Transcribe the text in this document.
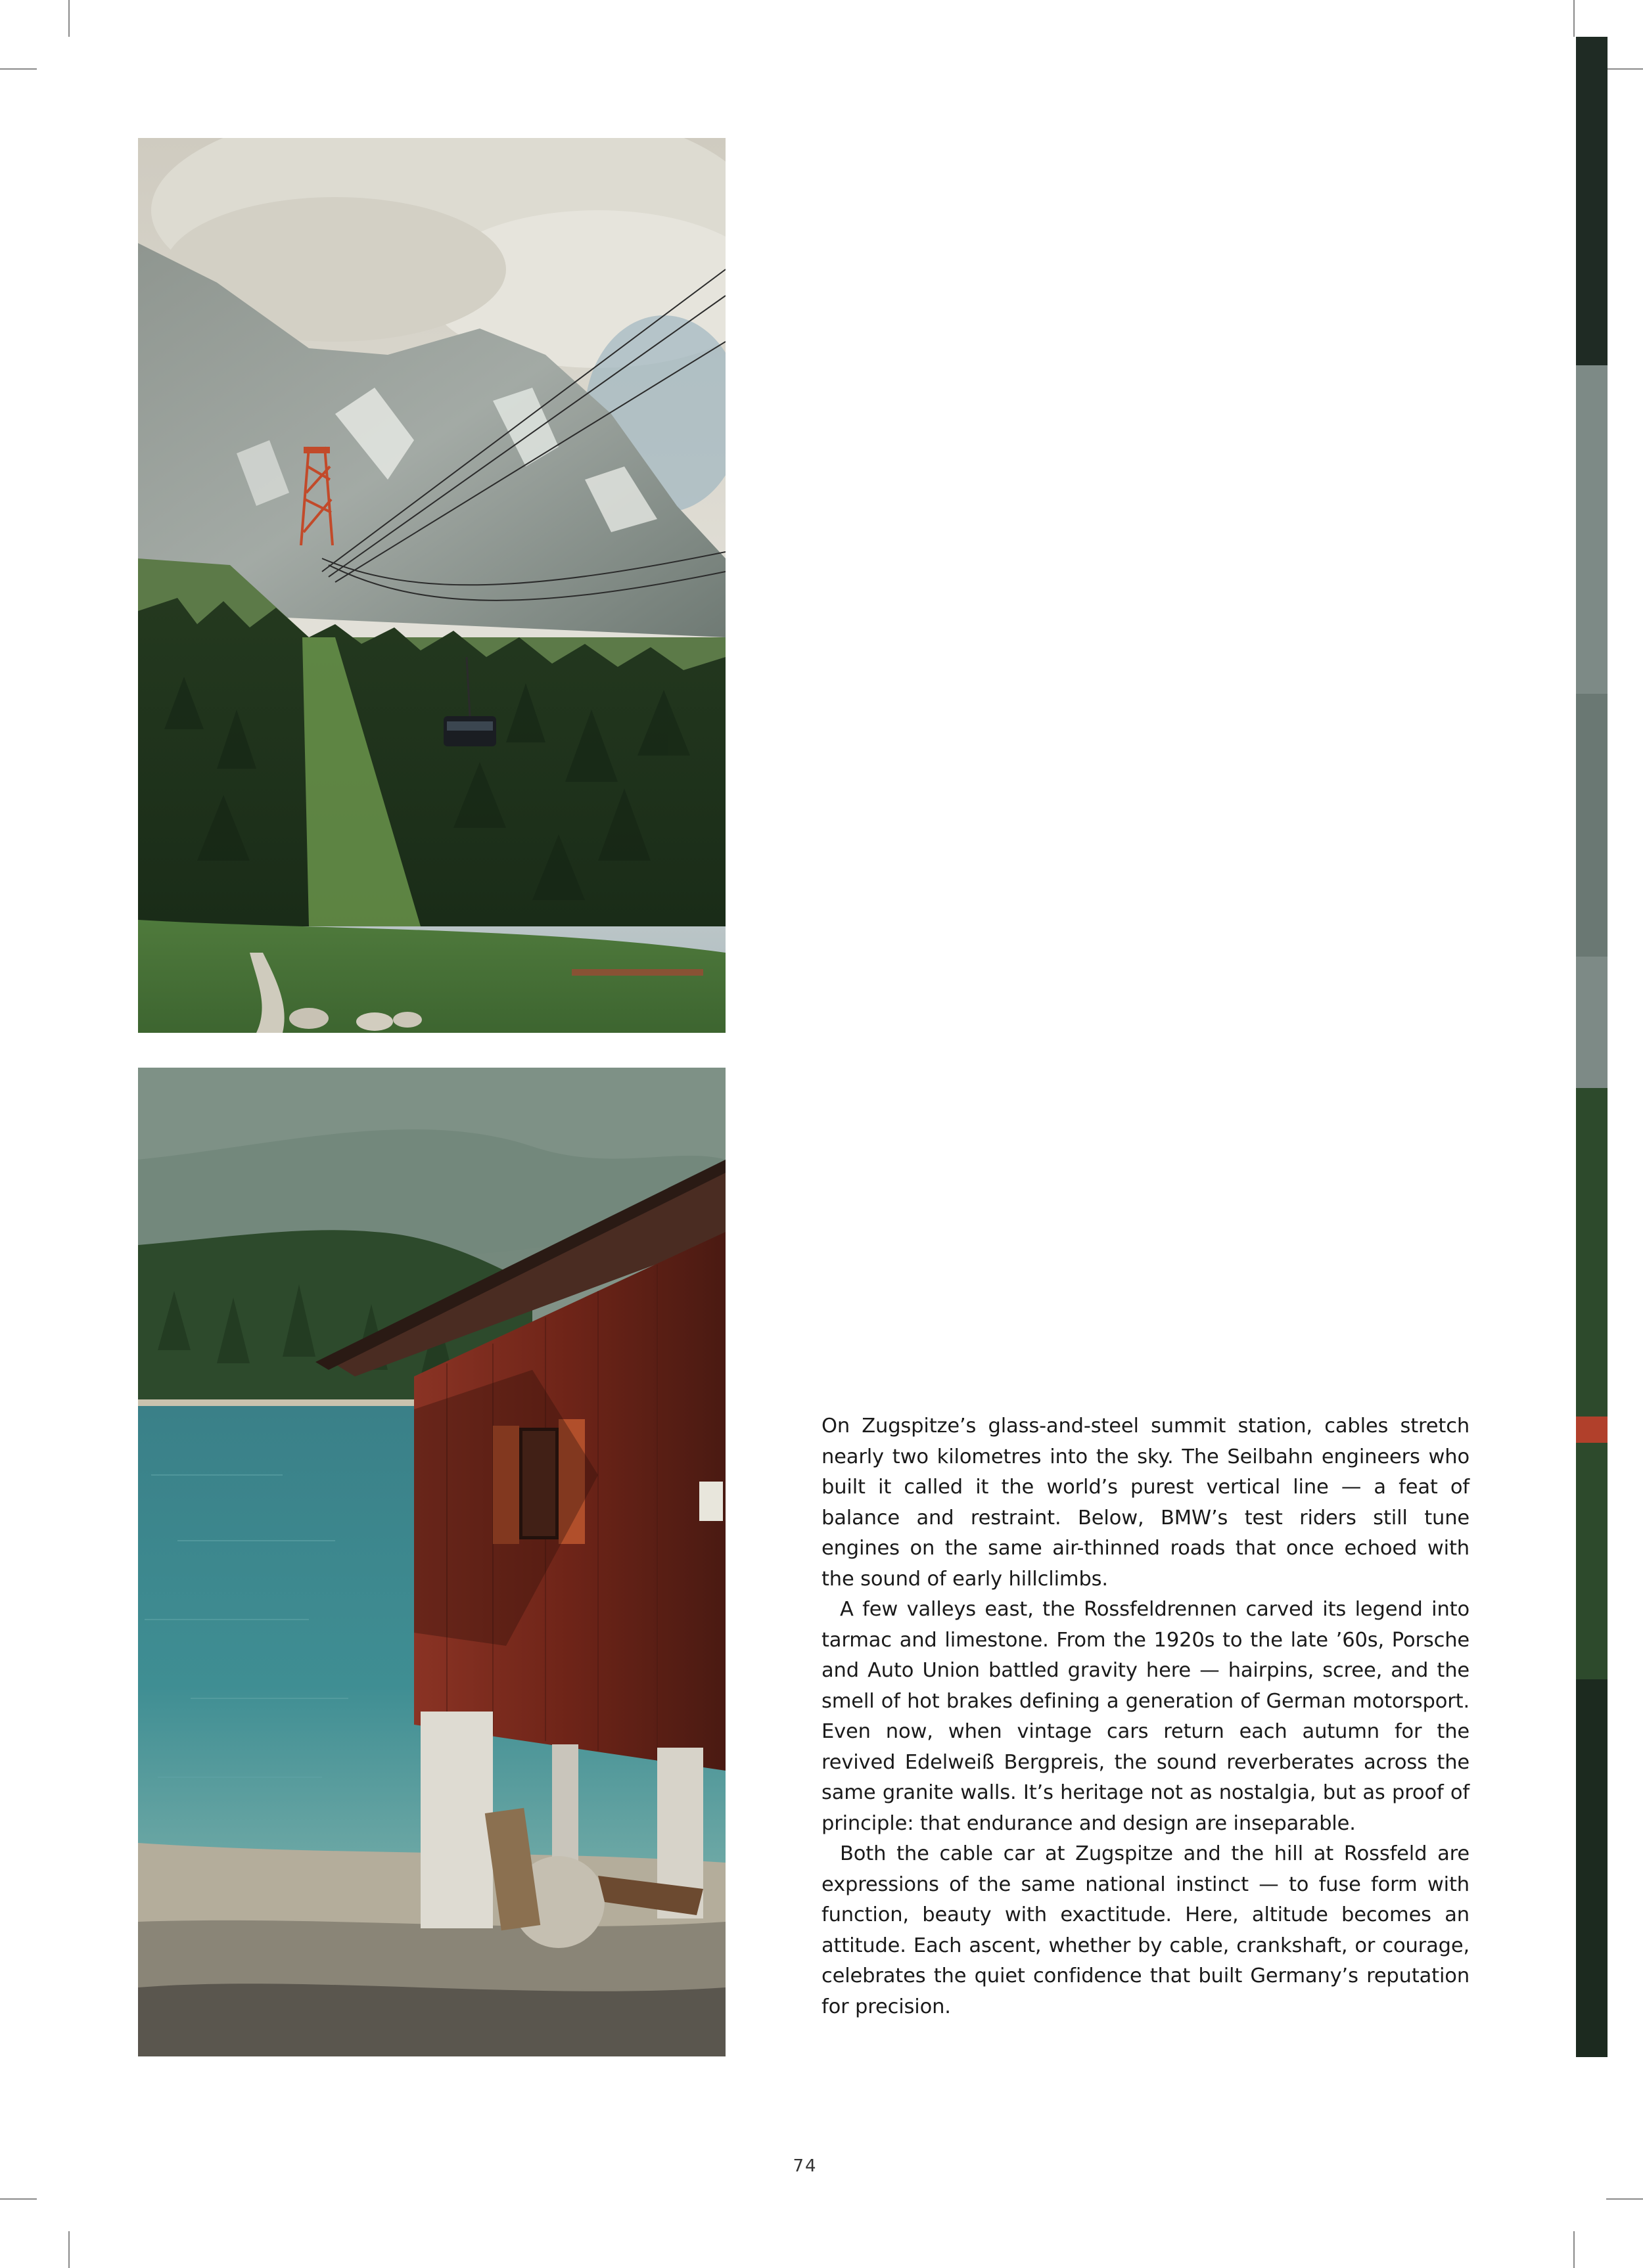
On Zugspitze’s glass-and-steel summit station, cables stretch nearly two kilometres into the sky. The Seilbahn engineers who built it called it the world’s purest vertical line — a feat of balance and restraint. Below, BMW’s test riders still tune engines on the same air-thinned roads that once echoed with the sound of early hillclimbs.

A few valleys east, the Rossfeldrennen carved its legend into tarmac and limestone. From the 1920s to the late ’60s, Porsche and Auto Union battled gravity here — hairpins, scree, and the smell of hot brakes defining a generation of German motorsport. Even now, when vintage cars return each autumn for the revived Edelweiß Bergpreis, the sound reverberates across the same granite walls. It’s heritage not as nostalgia, but as proof of principle: that endurance and design are inseparable.

Both the cable car at Zugspitze and the hill at Rossfeld are expressions of the same national instinct — to fuse form with function, beauty with exactitude. Here, altitude becomes an attitude. Each ascent, whether by cable, crankshaft, or courage, celebrates the quiet confidence that built Germany’s reputation for precision.

74
